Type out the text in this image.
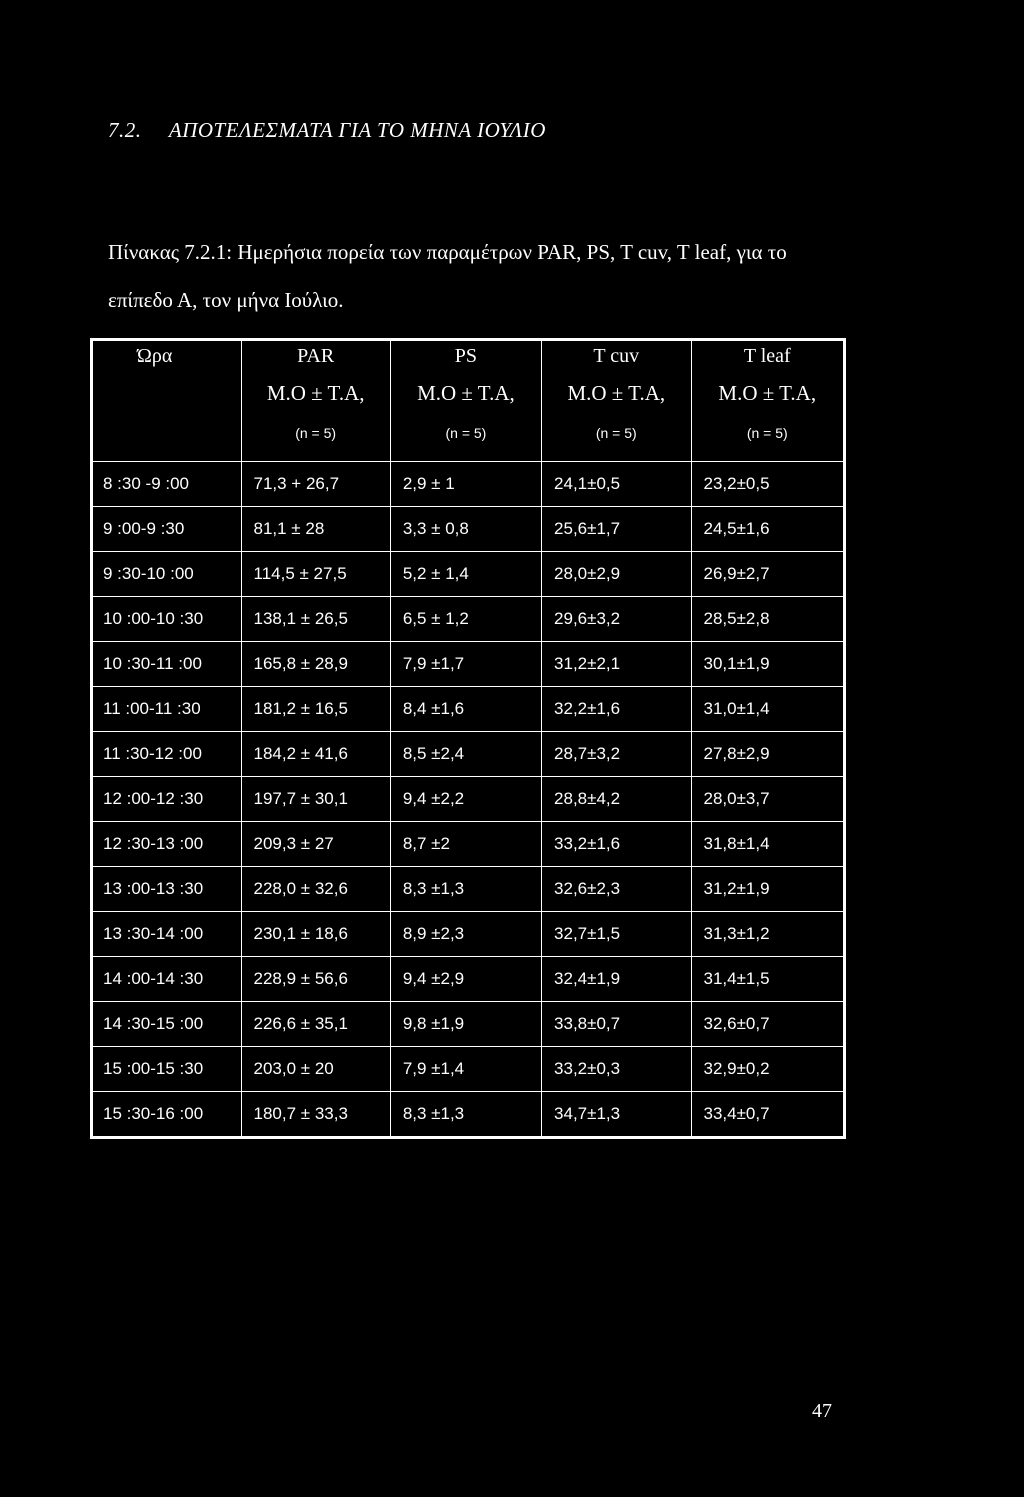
7.2. ΑΠΟΤΕΛΕΣΜΑΤΑ ΓΙΑ ΤΟ ΜΗΝΑ ΙΟΥΛΙΟ
Πίνακας 7.2.1: Ημερήσια πορεία των παραμέτρων PAR, PS, T cuv, T leaf, για το επίπεδο Α, τον μήνα Ιούλιο.
Ώρα	PAR	PS	T cuv	T leaf
	Μ.Ο ± Τ.Α,	Μ.Ο ± Τ.Α,	Μ.Ο ± Τ.Α,	Μ.Ο ± Τ.Α,
	(n = 5)	(n = 5)	(n = 5)	(n = 5)
8 :30 -9 :00	71,3 + 26,7	2,9 ± 1	24,1±0,5	23,2±0,5
9 :00-9 :30	81,1 ± 28	3,3 ± 0,8	25,6±1,7	24,5±1,6
9 :30-10 :00	114,5 ± 27,5	5,2 ± 1,4	28,0±2,9	26,9±2,7
10 :00-10 :30	138,1 ± 26,5	6,5 ± 1,2	29,6±3,2	28,5±2,8
10 :30-11 :00	165,8 ± 28,9	7,9 ±1,7	31,2±2,1	30,1±1,9
11 :00-11 :30	181,2 ± 16,5	8,4 ±1,6	32,2±1,6	31,0±1,4
11 :30-12 :00	184,2 ± 41,6	8,5 ±2,4	28,7±3,2	27,8±2,9
12 :00-12 :30	197,7 ± 30,1	9,4 ±2,2	28,8±4,2	28,0±3,7
12 :30-13 :00	209,3 ± 27	8,7 ±2	33,2±1,6	31,8±1,4
13 :00-13 :30	228,0 ± 32,6	8,3 ±1,3	32,6±2,3	31,2±1,9
13 :30-14 :00	230,1 ± 18,6	8,9 ±2,3	32,7±1,5	31,3±1,2
14 :00-14 :30	228,9 ± 56,6	9,4 ±2,9	32,4±1,9	31,4±1,5
14 :30-15 :00	226,6 ± 35,1	9,8 ±1,9	33,8±0,7	32,6±0,7
15 :00-15 :30	203,0 ± 20	7,9 ±1,4	33,2±0,3	32,9±0,2
15 :30-16 :00	180,7 ± 33,3	8,3 ±1,3	34,7±1,3	33,4±0,7
47
